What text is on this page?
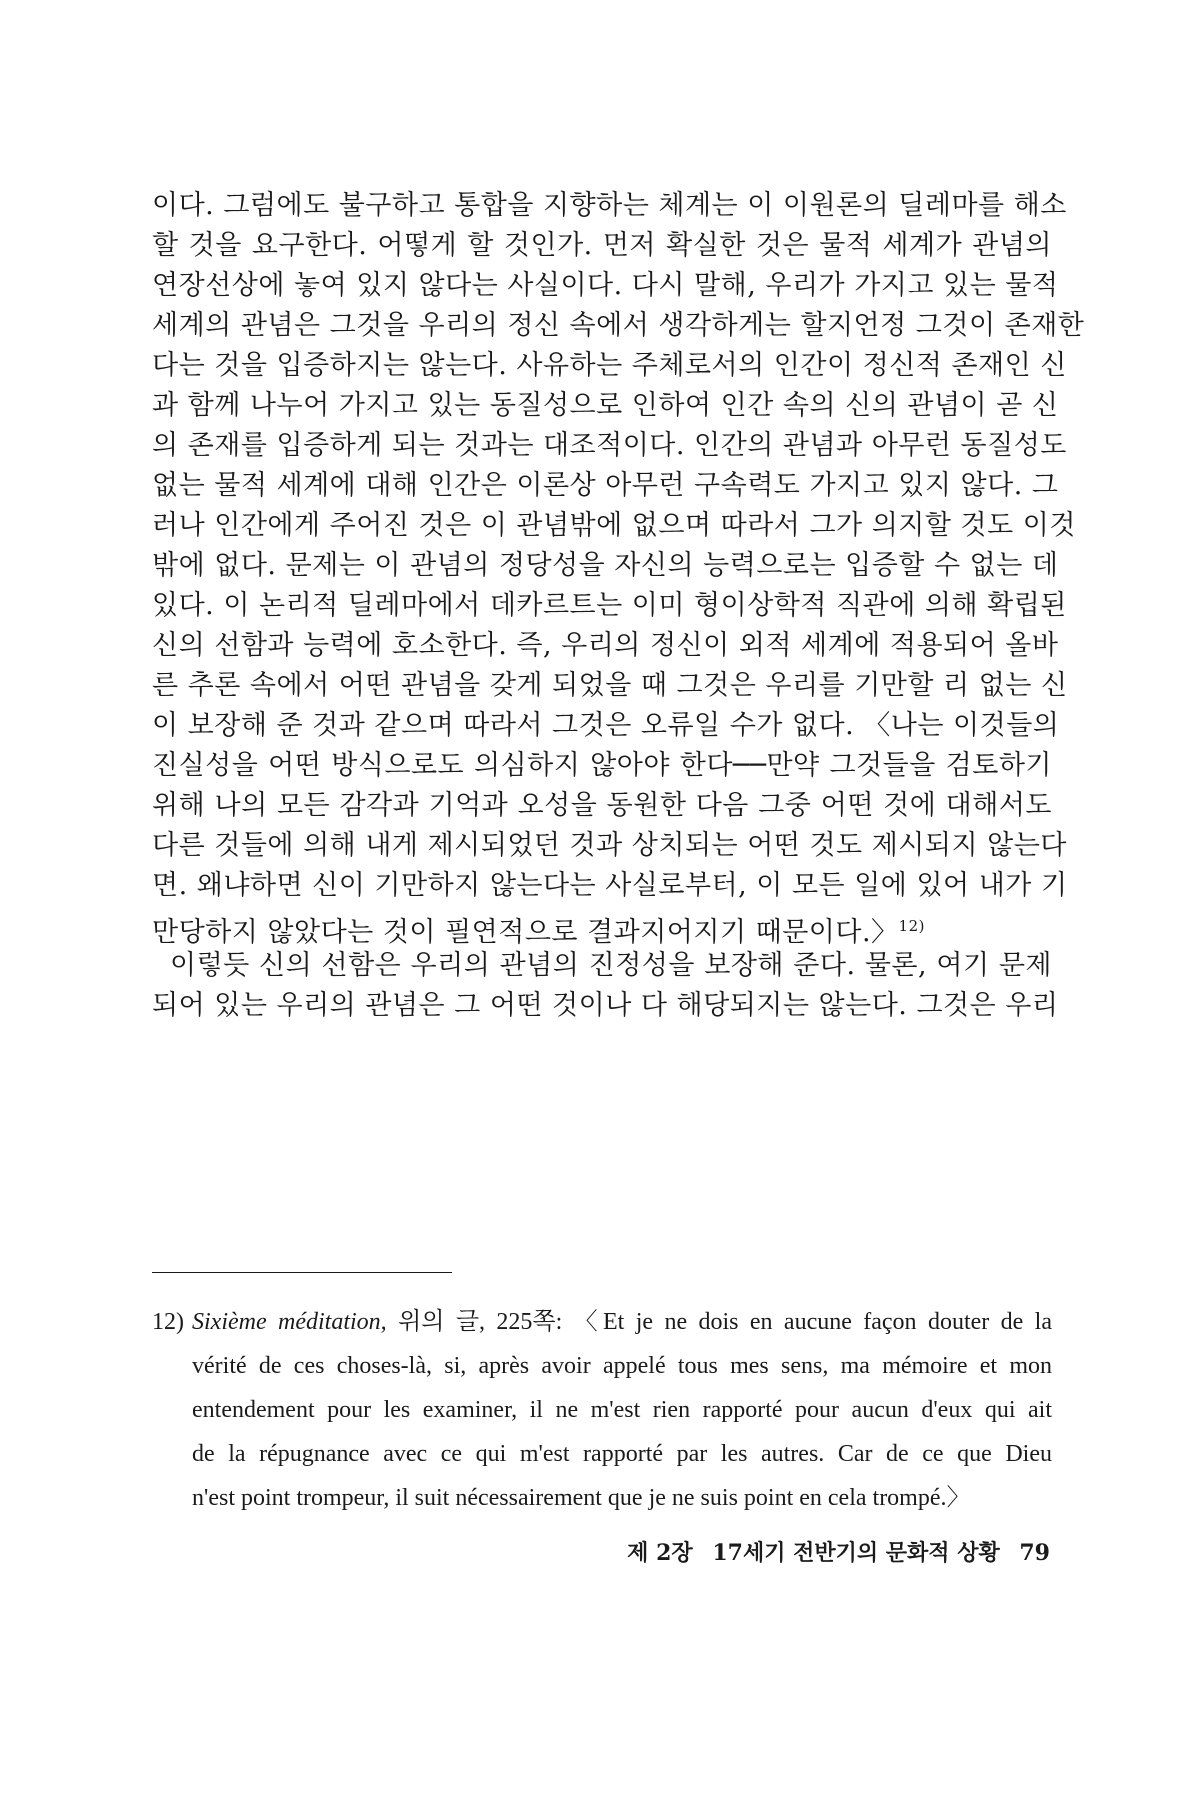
이다. 그럼에도 불구하고 통합을 지향하는 체계는 이 이원론의 딜레마를 해소
할 것을 요구한다. 어떻게 할 것인가. 먼저 확실한 것은 물적 세계가 관념의
연장선상에 놓여 있지 않다는 사실이다. 다시 말해, 우리가 가지고 있는 물적
세계의 관념은 그것을 우리의 정신 속에서 생각하게는 할지언정 그것이 존재한
다는 것을 입증하지는 않는다. 사유하는 주체로서의 인간이 정신적 존재인 신
과 함께 나누어 가지고 있는 동질성으로 인하여 인간 속의 신의 관념이 곧 신
의 존재를 입증하게 되는 것과는 대조적이다. 인간의 관념과 아무런 동질성도
없는 물적 세계에 대해 인간은 이론상 아무런 구속력도 가지고 있지 않다. 그
러나 인간에게 주어진 것은 이 관념밖에 없으며 따라서 그가 의지할 것도 이것
밖에 없다. 문제는 이 관념의 정당성을 자신의 능력으로는 입증할 수 없는 데
있다. 이 논리적 딜레마에서 데카르트는 이미 형이상학적 직관에 의해 확립된
신의 선함과 능력에 호소한다. 즉, 우리의 정신이 외적 세계에 적용되어 올바
른 추론 속에서 어떤 관념을 갖게 되었을 때 그것은 우리를 기만할 리 없는 신
이 보장해 준 것과 같으며 따라서 그것은 오류일 수가 없다. 〈나는 이것들의
진실성을 어떤 방식으로도 의심하지 않아야 한다──만약 그것들을 검토하기
위해 나의 모든 감각과 기억과 오성을 동원한 다음 그중 어떤 것에 대해서도
다른 것들에 의해 내게 제시되었던 것과 상치되는 어떤 것도 제시되지 않는다
면. 왜냐하면 신이 기만하지 않는다는 사실로부터, 이 모든 일에 있어 내가 기
만당하지 않았다는 것이 필연적으로 결과지어지기 때문이다.〉$^{12)}$
이렇듯 신의 선함은 우리의 관념의 진정성을 보장해 준다. 물론, 여기 문제
되어 있는 우리의 관념은 그 어떤 것이나 다 해당되지는 않는다. 그것은 우리
12) Sixième méditation, 위의 글, 225쪽: 〈Et je ne dois en aucune façon douter de la
vérité de ces choses-là, si, après avoir appelé tous mes sens, ma mémoire et mon
entendement pour les examiner, il ne m'est rien rapporté pour aucun d'eux qui ait
de la répugnance avec ce qui m'est rapporté par les autres. Car de ce que Dieu
n'est point trompeur, il suit nécessairement que je ne suis point en cela trompé.〉
제 2장 17세기 전반기의 문화적 상황 79
